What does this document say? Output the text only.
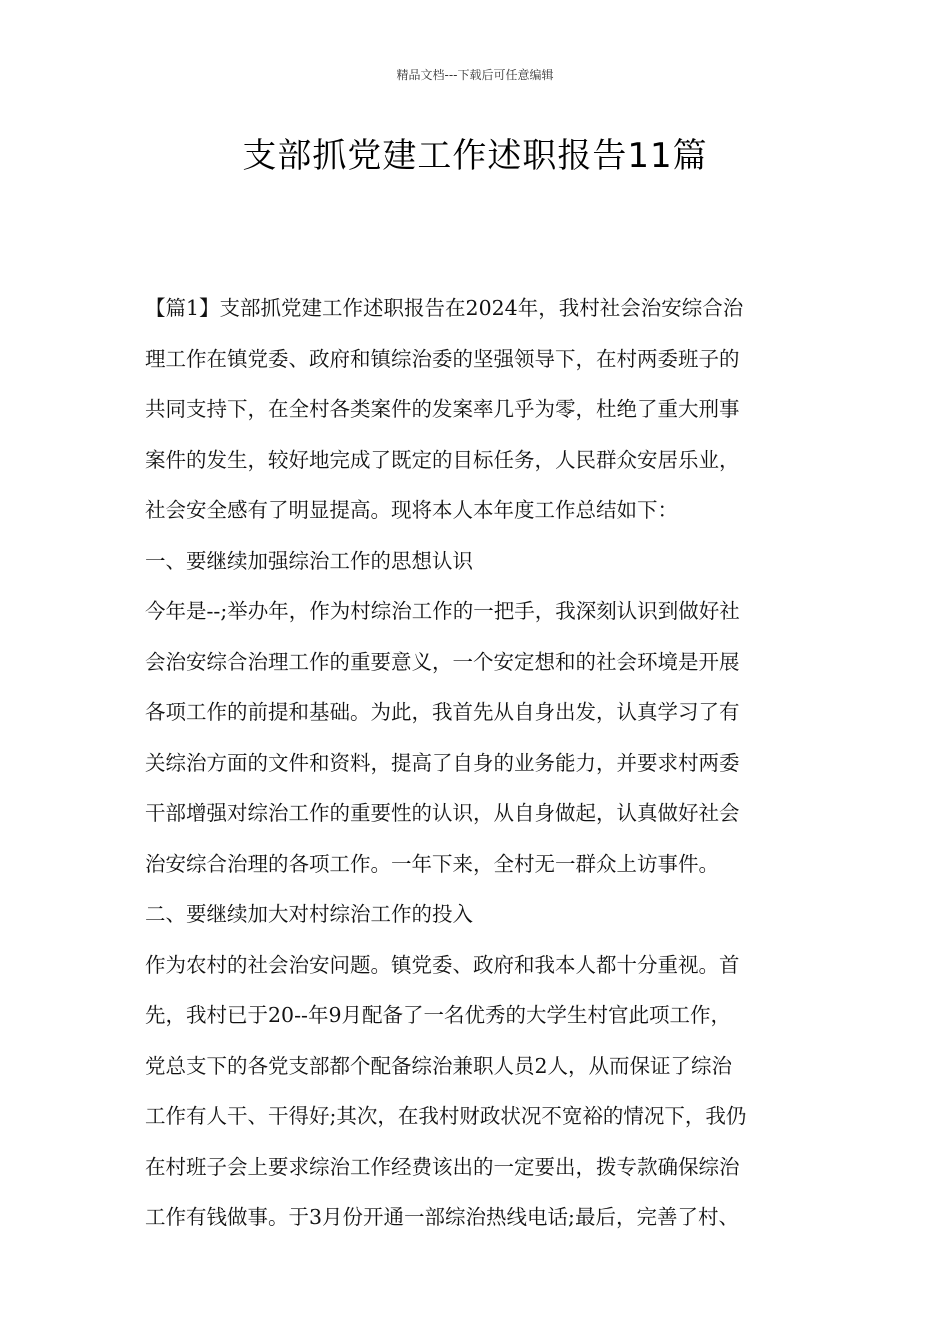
精品文档---下载后可任意编辑
支部抓党建工作述职报告11篇
【篇1】支部抓党建工作述职报告在2024年，我村社会治安综合治
理工作在镇党委、政府和镇综治委的坚强领导下，在村两委班子的
共同支持下，在全村各类案件的发案率几乎为零，杜绝了重大刑事
案件的发生，较好地完成了既定的目标任务，人民群众安居乐业，
社会安全感有了明显提高。现将本人本年度工作总结如下：
一、要继续加强综治工作的思想认识
今年是--;举办年，作为村综治工作的一把手，我深刻认识到做好社
会治安综合治理工作的重要意义，一个安定想和的社会环境是开展
各项工作的前提和基础。为此，我首先从自身出发，认真学习了有
关综治方面的文件和资料，提高了自身的业务能力，并要求村两委
干部增强对综治工作的重要性的认识，从自身做起，认真做好社会
治安综合治理的各项工作。一年下来，全村无一群众上访事件。
二、要继续加大对村综治工作的投入
作为农村的社会治安问题。镇党委、政府和我本人都十分重视。首
先，我村已于20--年9月配备了一名优秀的大学生村官此项工作，
党总支下的各党支部都个配备综治兼职人员2人，从而保证了综治
工作有人干、干得好;其次，在我村财政状况不宽裕的情况下，我仍
在村班子会上要求综治工作经费该出的一定要出，拨专款确保综治
工作有钱做事。于3月份开通一部综治热线电话;最后，完善了村、
